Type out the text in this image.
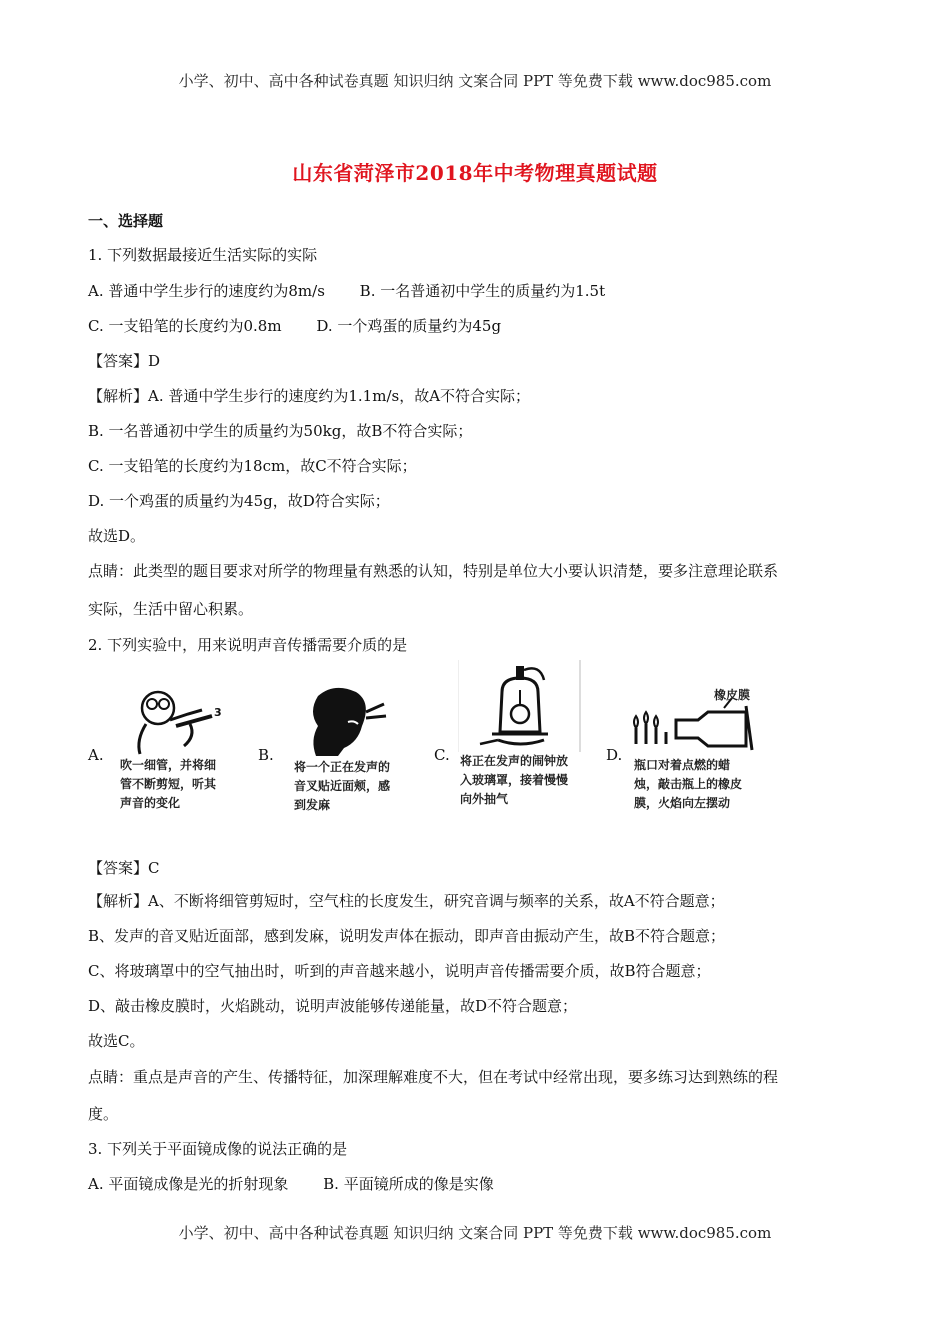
小学、初中、高中各种试卷真题 知识归纳 文案合同 PPT 等免费下载 www.doc985.com
山东省菏泽市2018年中考物理真题试题
一、选择题
1. 下列数据最接近生活实际的实际
A. 普通中学生步行的速度约为8m/s B. 一名普通初中学生的质量约为1.5t
C. 一支铅笔的长度约为0.8m D. 一个鸡蛋的质量约为45g
【答案】D
【解析】A. 普通中学生步行的速度约为1.1m/s，故A不符合实际；
B. 一名普通初中学生的质量约为50kg，故B不符合实际；
C. 一支铅笔的长度约为18cm，故C不符合实际；
D. 一个鸡蛋的质量约为45g，故D符合实际；
故选D。
点睛：此类型的题目要求对所学的物理量有熟悉的认知，特别是单位大小要认识清楚，要多注意理论联系
实际，生活中留心积累。
2. 下列实验中，用来说明声音传播需要介质的是
A.
3
吹一细管，并将细管不断剪短，听其声音的变化
B.
将一个正在发声的音叉贴近面颊，感到发麻
C. 将正在发声的闹钟放入玻璃罩，接着慢慢向外抽气
D.
橡皮膜
瓶口对着点燃的蜡烛，敲击瓶上的橡皮膜，火焰向左摆动
【答案】C
【解析】A、不断将细管剪短时，空气柱的长度发生，研究音调与频率的关系，故A不符合题意；
B、发声的音叉贴近面部，感到发麻，说明发声体在振动，即声音由振动产生，故B不符合题意；
C、将玻璃罩中的空气抽出时，听到的声音越来越小，说明声音传播需要介质，故B符合题意；
D、敲击橡皮膜时，火焰跳动，说明声波能够传递能量，故D不符合题意；
故选C。
点睛：重点是声音的产生、传播特征，加深理解难度不大，但在考试中经常出现，要多练习达到熟练的程
度。
3. 下列关于平面镜成像的说法正确的是
A. 平面镜成像是光的折射现象 B. 平面镜所成的像是实像
小学、初中、高中各种试卷真题 知识归纳 文案合同 PPT 等免费下载 www.doc985.com
